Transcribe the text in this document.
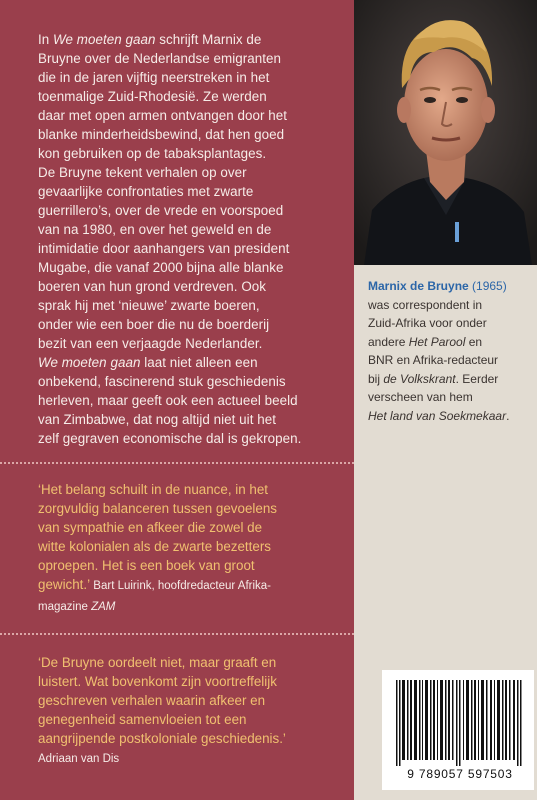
In We moeten gaan schrijft Marnix de
Bruyne over de Nederlandse emigranten
die in de jaren vijftig neerstreken in het
toenmalige Zuid-Rhodesië. Ze werden
daar met open armen ontvangen door het
blanke minderheidsbewind, dat hen goed
kon gebruiken op de tabaksplantages.
De Bruyne tekent verhalen op over
gevaarlijke confrontaties met zwarte
guerrillero’s, over de vrede en voorspoed
van na 1980, en over het geweld en de
intimidatie door aanhangers van president
Mugabe, die vanaf 2000 bijna alle blanke
boeren van hun grond verdreven. Ook
sprak hij met ‘nieuwe’ zwarte boeren,
onder wie een boer die nu de boerderij
bezit van een verjaagde Nederlander.
We moeten gaan laat niet alleen een
onbekend, fascinerend stuk geschiedenis
herleven, maar geeft ook een actueel beeld
van Zimbabwe, dat nog altijd niet uit het
zelf gegraven economische dal is gekropen.

‘Het belang schuilt in de nuance, in het
zorgvuldig balanceren tussen gevoelens
van sympathie en afkeer die zowel de
witte kolonialen als de zwarte bezetters
oproepen. Het is een boek van groot
gewicht.’ Bart Luirink, hoofdredacteur Afrika-
magazine ZAM

‘De Bruyne oordeelt niet, maar graaft en
luistert. Wat bovenkomt zijn voortreffelijk
geschreven verhalen waarin afkeer en
genegenheid samenvloeien tot een
aangrijpende postkoloniale geschiedenis.’
Adriaan van Dis

Marnix de Bruyne (1965)
was correspondent in
Zuid-Afrika voor onder
andere Het Parool en
BNR en Afrika-redacteur
bij de Volkskrant. Eerder
verscheen van hem
Het land van Soekmekaar.

9 789057 597503
